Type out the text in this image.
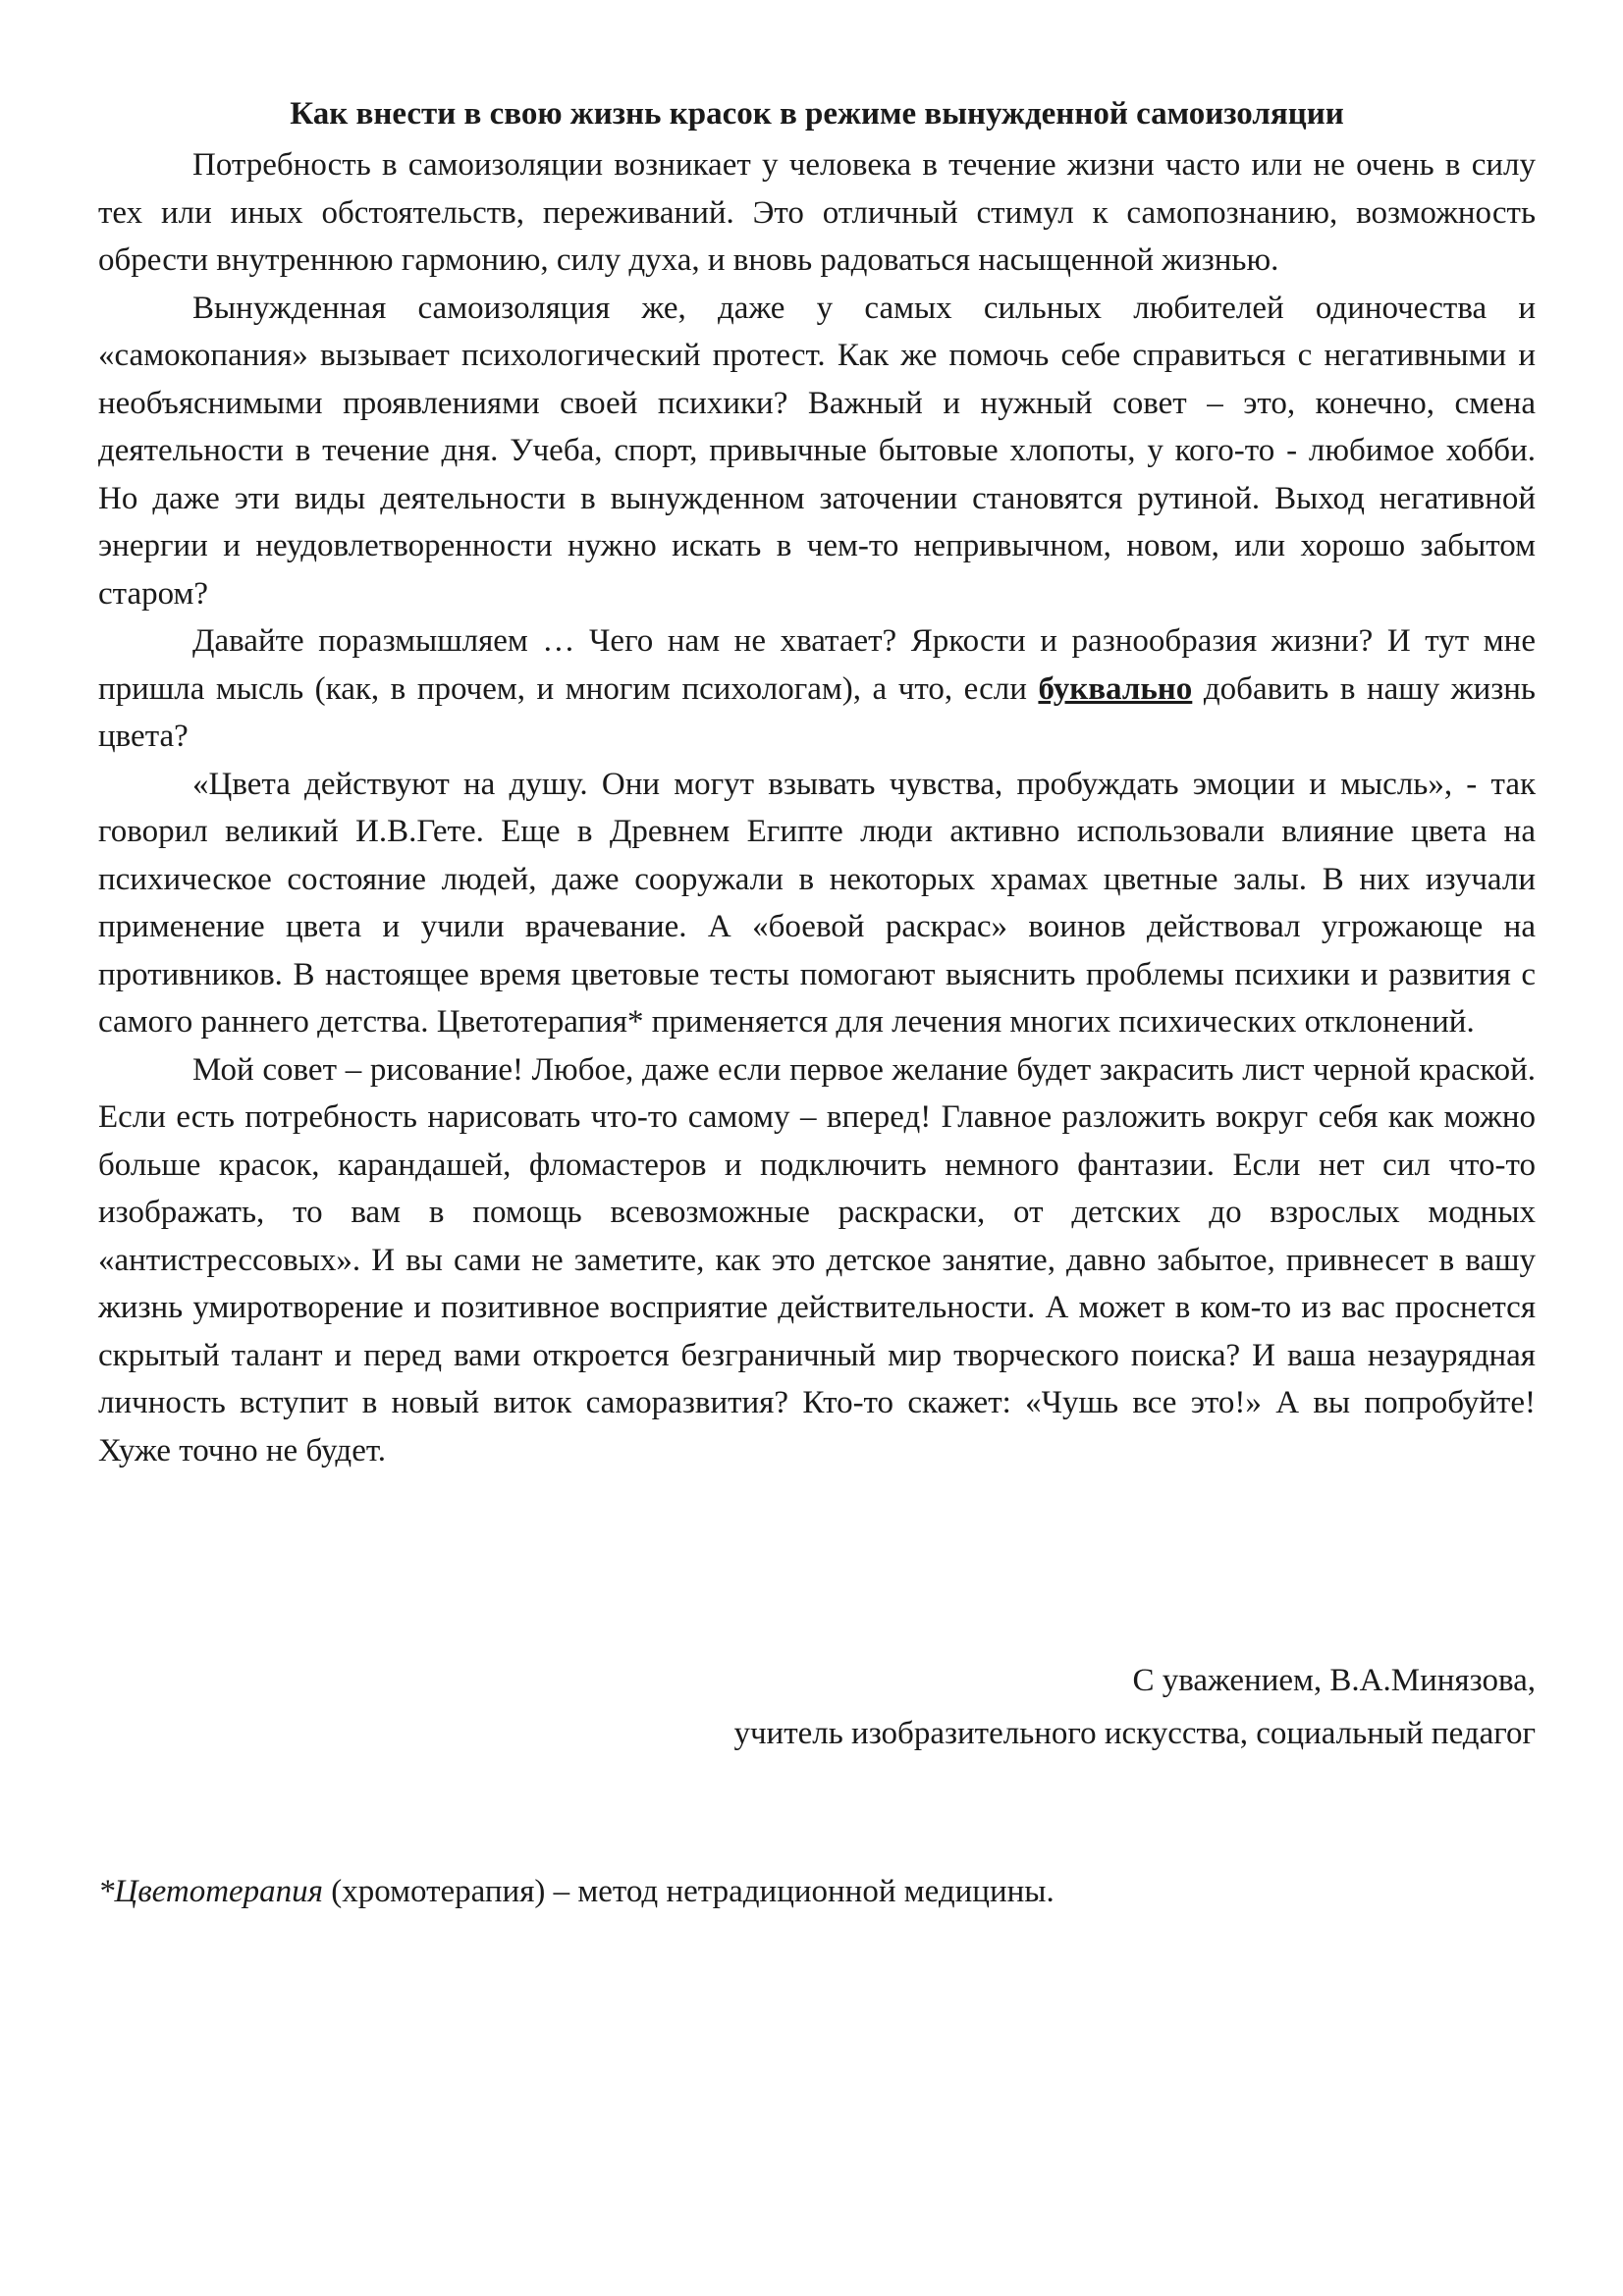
Как внести в свою жизнь красок в режиме вынужденной самоизоляции

Потребность в самоизоляции возникает у человека в течение жизни часто или не очень в силу тех или иных обстоятельств, переживаний. Это отличный стимул к самопознанию, возможность обрести внутреннюю гармонию, силу духа, и вновь радоваться насыщенной жизнью.

Вынужденная самоизоляция же, даже у самых сильных любителей одиночества и «самокопания» вызывает психологический протест. Как же помочь себе справиться с негативными и необъяснимыми проявлениями своей психики? Важный и нужный совет – это, конечно, смена деятельности в течение дня. Учеба, спорт, привычные бытовые хлопоты, у кого-то - любимое хобби. Но даже эти виды деятельности в вынужденном заточении становятся рутиной. Выход негативной энергии и неудовлетворенности нужно искать в чем-то непривычном, новом, или хорошо забытом старом?

Давайте поразмышляем … Чего нам не хватает? Яркости и разнообразия жизни? И тут мне пришла мысль (как, в прочем, и многим психологам), а что, если буквально добавить в нашу жизнь цвета?

«Цвета действуют на душу. Они могут взывать чувства, пробуждать эмоции и мысль», - так говорил великий И.В.Гете. Еще в Древнем Египте люди активно использовали влияние цвета на психическое состояние людей, даже сооружали в некоторых храмах цветные залы. В них изучали применение цвета и учили врачевание. А «боевой раскрас» воинов действовал угрожающе на противников. В настоящее время цветовые тесты помогают выяснить проблемы психики и развития с самого раннего детства. Цветотерапия* применяется для лечения многих психических отклонений.

Мой совет – рисование! Любое, даже если первое желание будет закрасить лист черной краской. Если есть потребность нарисовать что-то самому – вперед! Главное разложить вокруг себя как можно больше красок, карандашей, фломастеров и подключить немного фантазии. Если нет сил что-то изображать, то вам в помощь всевозможные раскраски, от детских до взрослых модных «антистрессовых». И вы сами не заметите, как это детское занятие, давно забытое, привнесет в вашу жизнь умиротворение и позитивное восприятие действительности. А может в ком-то из вас проснется скрытый талант и перед вами откроется безграничный мир творческого поиска? И ваша незаурядная личность вступит в новый виток саморазвития? Кто-то скажет: «Чушь все это!» А вы попробуйте! Хуже точно не будет.

С уважением, В.А.Минязова,
учитель изобразительного искусства, социальный педагог
*Цветотерапия (хромотерапия) – метод нетрадиционной медицины.
